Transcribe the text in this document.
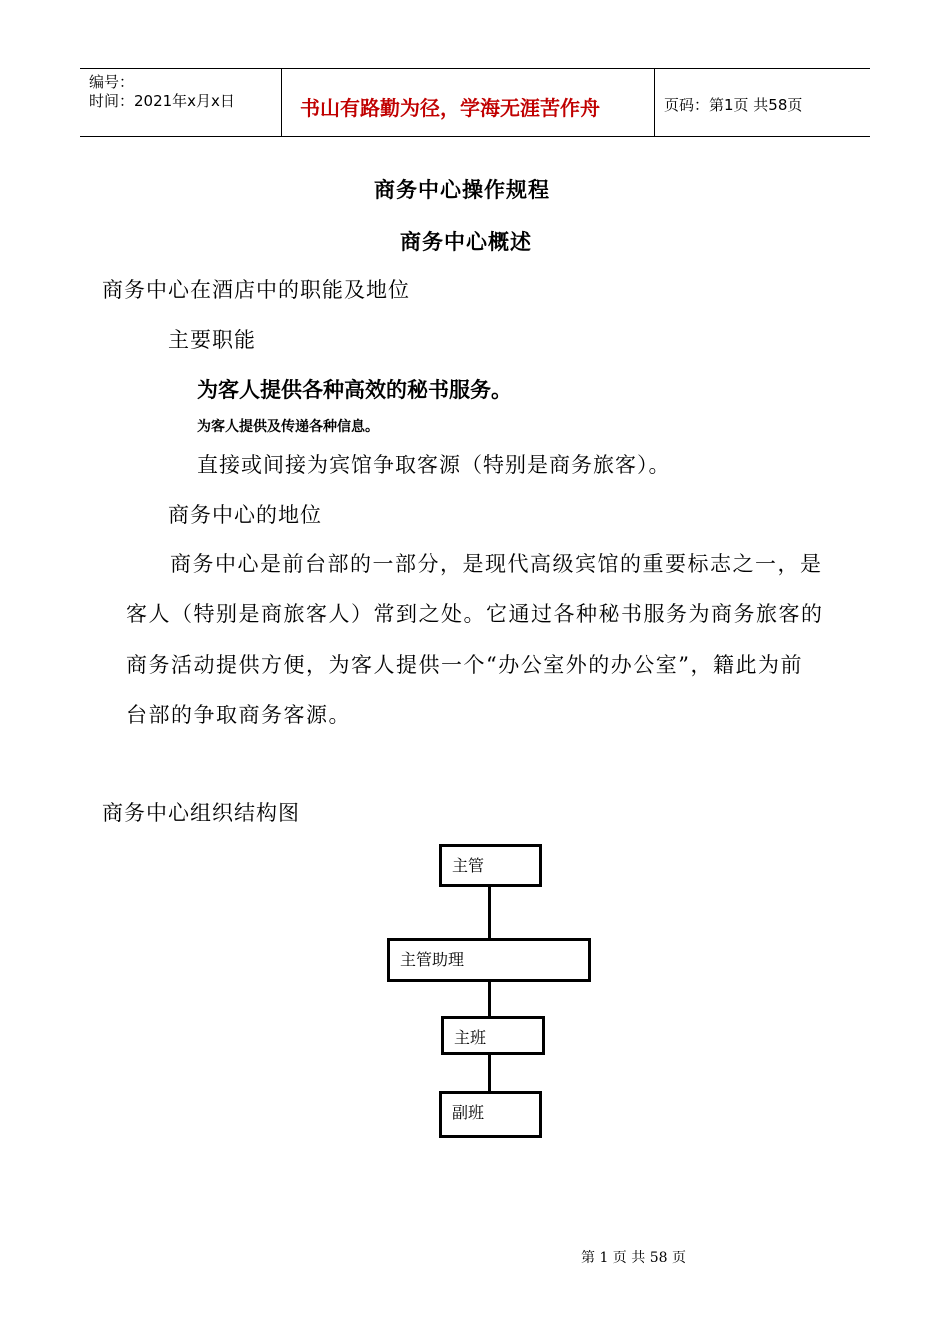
编号：
时间：2021年x月x日	书山有路勤为径，学海无涯苦作舟	页码：第1页 共58页
商务中心操作规程
商务中心概述
商务中心在酒店中的职能及地位
主要职能
为客人提供各种高效的秘书服务。
为客人提供及传递各种信息。
直接或间接为宾馆争取客源（特别是商务旅客）。
商务中心的地位
商务中心是前台部的一部分，是现代高级宾馆的重要标志之一，是
客人（特别是商旅客人）常到之处。它通过各种秘书服务为商务旅客的
商务活动提供方便，为客人提供一个“办公室外的办公室”，籍此为前
台部的争取商务客源。
商务中心组织结构图
主管
主管助理
主班
副班
第 1 页 共 58 页
